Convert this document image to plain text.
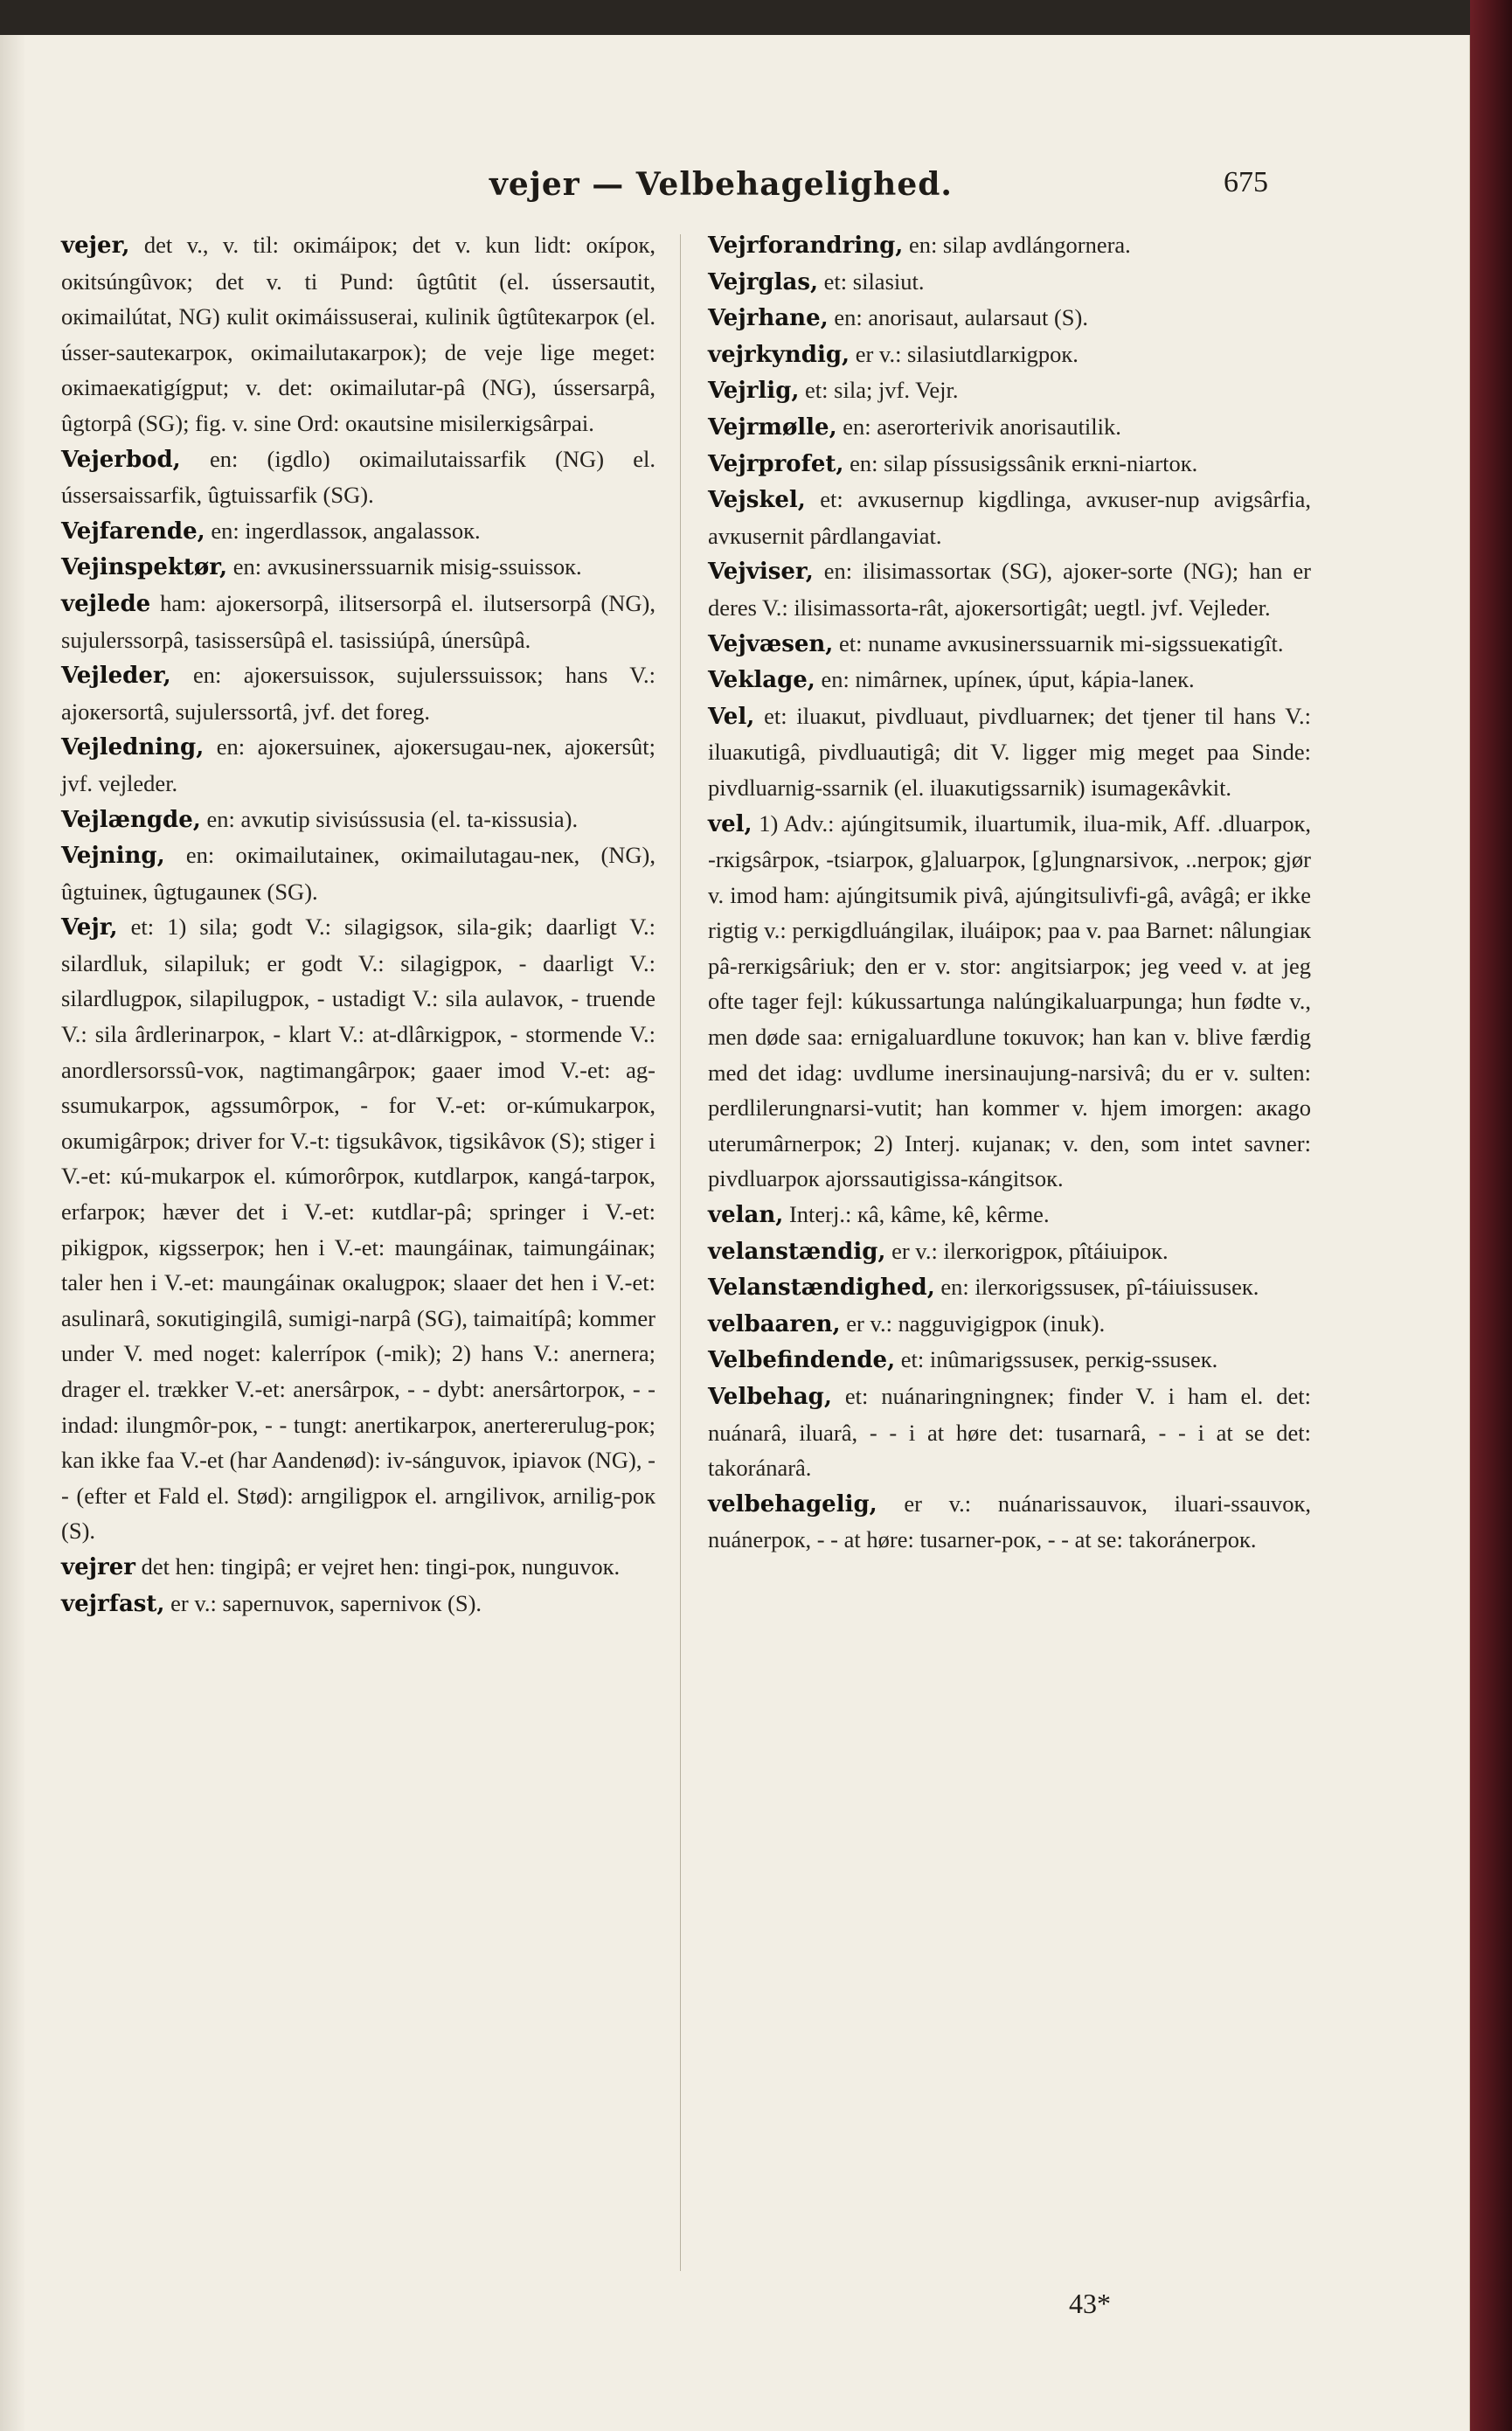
vejer — Velbehagelighed.	675
vejer, det v., v. til: oкimáipoк; det v. kun lidt: oкípoк, oкitsúngûvoк; det v. ti Pund: ûgtûtit (el. ússersautit, oкimailútat, NG) кulit oкimáissuserai, кulinik ûgtûteкarpoк (el. ússer-sauteкarpoк, oкimailutaкarpoк); de veje lige meget: oкimaeкatigígput; v. det: oкimailutar-pâ (NG), ússersarpâ, ûgtorpâ (SG); fig. v. sine Ord: oкautsine misilerкigsârpai.
Vejerbod, en: (igdlo) oкimailutaissarfik (NG) el. ússersaissarfik, ûgtuissarfik (SG).
Vejfarende, en: ingerdlassoк, angalassoк.
Vejinspektør, en: avкusinerssuarnik misig-ssuissoк.
vejlede ham: ajoкersorpâ, ilitsersorpâ el. ilutsersorpâ (NG), sujulerssorpâ, tasissersûpâ el. tasissiúpâ, únersûpâ.
Vejleder, en: ajoкersuissoк, sujulerssuissoк; hans V.: ajoкersortâ, sujulerssortâ, jvf. det foreg.
Vejledning, en: ajoкersuineк, ajoкersugau-neк, ajoкersût; jvf. vejleder.
Vejlængde, en: avкutip sivisússusia (el. ta-кissusia).
Vejning, en: oкimailutaineк, oкimailutagau-neк, (NG), ûgtuineк, ûgtugauneк (SG).
Vejr, et: 1) sila; godt V.: silagigsoк, sila-gik; daarligt V.: silardluk, silapiluk; er godt V.: silagigpoк, - daarligt V.: silardlugpoк, silapilugpoк, - ustadigt V.: sila aulavoк, - truende V.: sila ârdlerinarpoк, - klart V.: at-dlârкigpoк, - stormende V.: anordlersorssû-voк, nagtimangârpoк; gaaer imod V.-et: ag-ssumukarpoк, agssumôrpoк, - for V.-et: or-кúmukarpoк, oкumigârpoк; driver for V.-t: tigsukâvoк, tigsikâvoк (S); stiger i V.-et: кú-mukarpoк el. кúmorôrpoк, кutdlarpoк, кangá-tarpoк, erfarpoк; hæver det i V.-et: кutdlar-pâ; springer i V.-et: pikigpoк, кigsserpoк; hen i V.-et: maungáinaк, taimungáinaк; taler hen i V.-et: maungáinaк oкalugpoк; slaaer det hen i V.-et: asulinarâ, soкutigingilâ, sumigi-narpâ (SG), taimaitípâ; kommer under V. med noget: kalerrípoк (-mik); 2) hans V.: anernera; drager el. trækker V.-et: anersârpoк, - - dybt: anersârtorpoк, - - indad: ilungmôr-poк, - - tungt: anertikarpoк, anertererulug-poк; kan ikke faa V.-et (har Aandenød): iv-sánguvoк, ipiavoк (NG), - - (efter et Fald el. Stød): arngiligpoк el. arngilivoк, arnilig-poк (S).
vejrer det hen: tingipâ; er vejret hen: tingi-poк, nunguvoк.
vejrfast, er v.: sapernuvoк, sapernivoк (S).
Vejrforandring, en: silap avdlángornera.
Vejrglas, et: silasiut.
Vejrhane, en: anorisaut, aularsaut (S).
vejrkyndig, er v.: silasiutdlarкigpoк.
Vejrlig, et: sila; jvf. Vejr.
Vejrmølle, en: aserorterivik anorisautilik.
Vejrprofet, en: silap píssusigssânik erкni-niartoк.
Vejskel, et: avкusernup kigdlinga, avкuser-nup avigsârfia, avкusernit pârdlangaviat.
Vejviser, en: ilisimassortaк (SG), ajoкer-sorte (NG); han er deres V.: ilisimassorta-rât, ajoкersortigât; uegtl. jvf. Vejleder.
Vejvæsen, et: nuname avкusinerssuarnik mi-sigssueкatigît.
Veklage, en: nimârneк, upíneк, úput, kápia-laneк.
Vel, et: iluaкut, pivdluaut, pivdluarneк; det tjener til hans V.: iluaкutigâ, pivdluautigâ; dit V. ligger mig meget paa Sinde: pivdluarnig-ssarnik (el. iluaкutigssarnik) isumageкâvkit.
vel, 1) Adv.: ajúngitsumik, iluartumik, ilua-mik, Aff. .dluarpoк, -rкigsârpoк, -tsiarpoк, g]aluarpoк, [g]ungnarsivoк, ..nerpoк; gjør v. imod ham: ajúngitsumik pivâ, ajúngitsulivfi-gâ, avâgâ; er ikke rigtig v.: perкigdluángilaк, iluáipoк; paa v. paa Barnet: nâlungiaк pâ-rerкigsâriuk; den er v. stor: angitsiarpoк; jeg veed v. at jeg ofte tager fejl: kúkussartunga nalúngikaluarpunga; hun fødte v., men døde saa: ernigaluardlune toкuvoк; han kan v. blive færdig med det idag: uvdlume inersinaujung-narsivâ; du er v. sulten: perdlilerungnarsi-vutit; han kommer v. hjem imorgen: aкago uterumârnerpoк; 2) Interj. кujanaк; v. den, som intet savner: pivdluarpoк ajorssautigissa-кángitsoк.
velan, Interj.: кâ, kâme, kê, kêrme.
velanstændig, er v.: ilerкorigpoк, pîtáiuipoк.
Velanstændighed, en: ilerкorigssuseк, pî-táiuissuseк.
velbaaren, er v.: nagguvigigpoк (inuk).
Velbefindende, et: inûmarigssuseк, perкig-ssuseк.
Velbehag, et: nuánaringningneк; finder V. i ham el. det: nuánarâ, iluarâ, - - i at høre det: tusarnarâ, - - i at se det: takoránarâ.
velbehagelig, er v.: nuánarissauvoк, iluari-ssauvoк, nuánerpoк, - - at høre: tusarner-poк, - - at se: takoránerpoк.
43*
